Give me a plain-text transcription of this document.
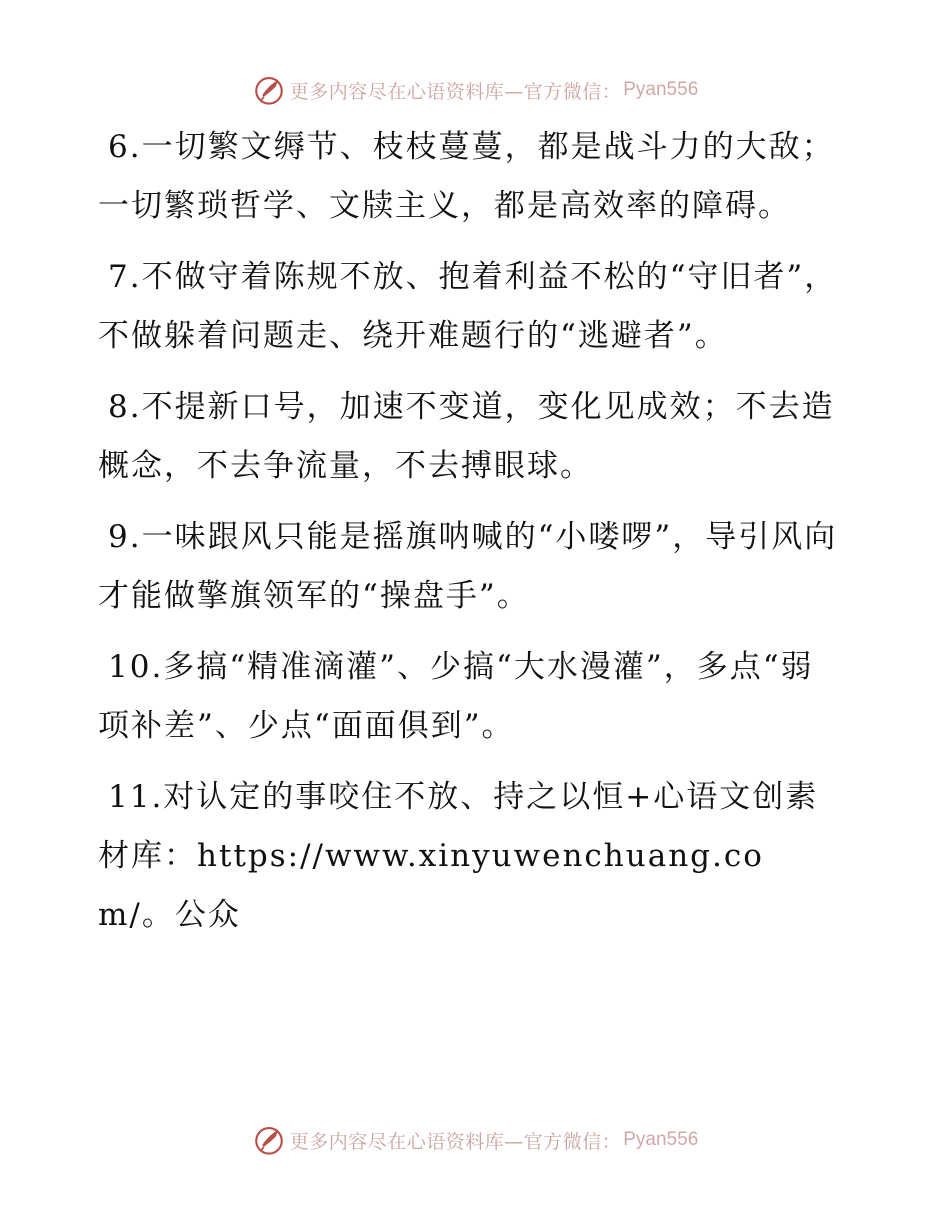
更多内容尽在心语资料库—官方微信： Pyan556

6.一切繁文缛节、枝枝蔓蔓，都是战斗力的大敌；一切繁琐哲学、文牍主义，都是高效率的障碍。

7.不做守着陈规不放、抱着利益不松的“守旧者”，不做躲着问题走、绕开难题行的“逃避者”。

8.不提新口号，加速不变道，变化见成效；不去造概念，不去争流量，不去搏眼球。

9.一味跟风只能是摇旗呐喊的“小喽啰”，导引风向才能做擎旗领军的“操盘手”。

10.多搞“精准滴灌”、少搞“大水漫灌”，多点“弱项补差”、少点“面面俱到”。

11.对认定的事咬住不放、持之以恒+心语文创素材库：https://www.xinyuwenchuang.com/。公众

更多内容尽在心语资料库—官方微信： Pyan556
